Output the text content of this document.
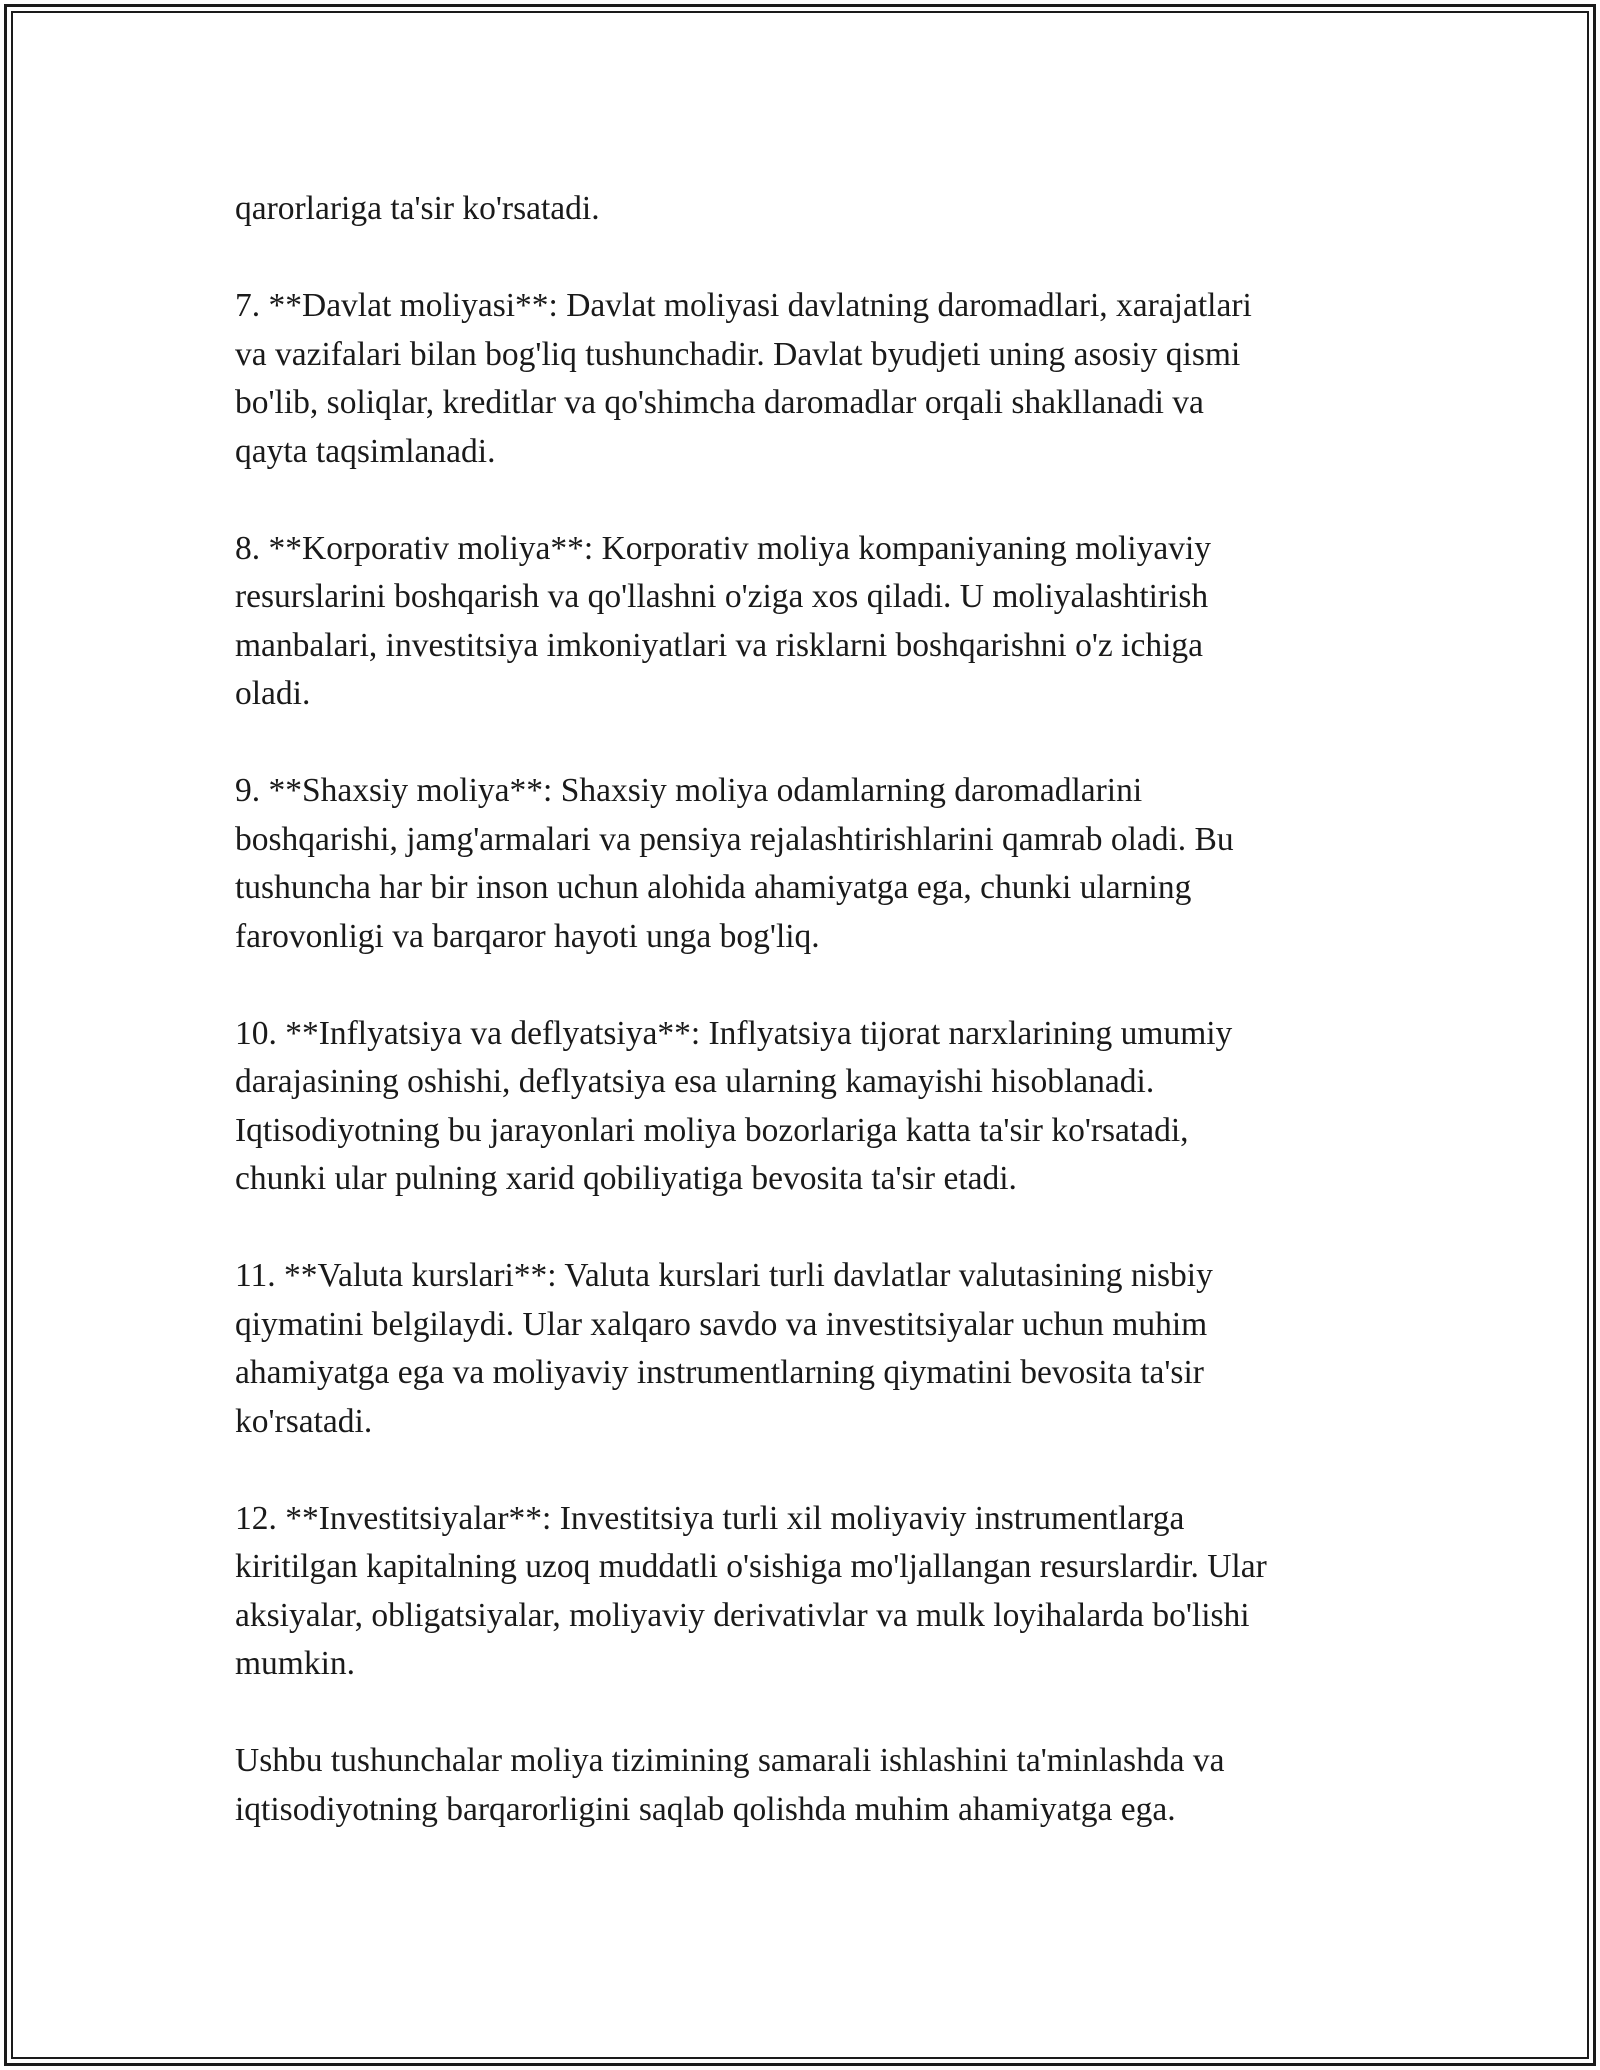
qarorlariga ta'sir ko'rsatadi.

7. **Davlat moliyasi**: Davlat moliyasi davlatning daromadlari, xarajatlari
va vazifalari bilan bog'liq tushunchadir. Davlat byudjeti uning asosiy qismi
bo'lib, soliqlar, kreditlar va qo'shimcha daromadlar orqali shakllanadi va
qayta taqsimlanadi.

8. **Korporativ moliya**: Korporativ moliya kompaniyaning moliyaviy
resurslarini boshqarish va qo'llashni o'ziga xos qiladi. U moliyalashtirish
manbalari, investitsiya imkoniyatlari va risklarni boshqarishni o'z ichiga
oladi.

9. **Shaxsiy moliya**: Shaxsiy moliya odamlarning daromadlarini
boshqarishi, jamg'armalari va pensiya rejalashtirishlarini qamrab oladi. Bu
tushuncha har bir inson uchun alohida ahamiyatga ega, chunki ularning
farovonligi va barqaror hayoti unga bog'liq.

10. **Inflyatsiya va deflyatsiya**: Inflyatsiya tijorat narxlarining umumiy
darajasining oshishi, deflyatsiya esa ularning kamayishi hisoblanadi.
Iqtisodiyotning bu jarayonlari moliya bozorlariga katta ta'sir ko'rsatadi,
chunki ular pulning xarid qobiliyatiga bevosita ta'sir etadi.

11. **Valuta kurslari**: Valuta kurslari turli davlatlar valutasining nisbiy
qiymatini belgilaydi. Ular xalqaro savdo va investitsiyalar uchun muhim
ahamiyatga ega va moliyaviy instrumentlarning qiymatini bevosita ta'sir
ko'rsatadi.

12. **Investitsiyalar**: Investitsiya turli xil moliyaviy instrumentlarga
kiritilgan kapitalning uzoq muddatli o'sishiga mo'ljallangan resurslardir. Ular
aksiyalar, obligatsiyalar, moliyaviy derivativlar va mulk loyihalarda bo'lishi
mumkin.

Ushbu tushunchalar moliya tizimining samarali ishlashini ta'minlashda va
iqtisodiyotning barqarorligini saqlab qolishda muhim ahamiyatga ega.
